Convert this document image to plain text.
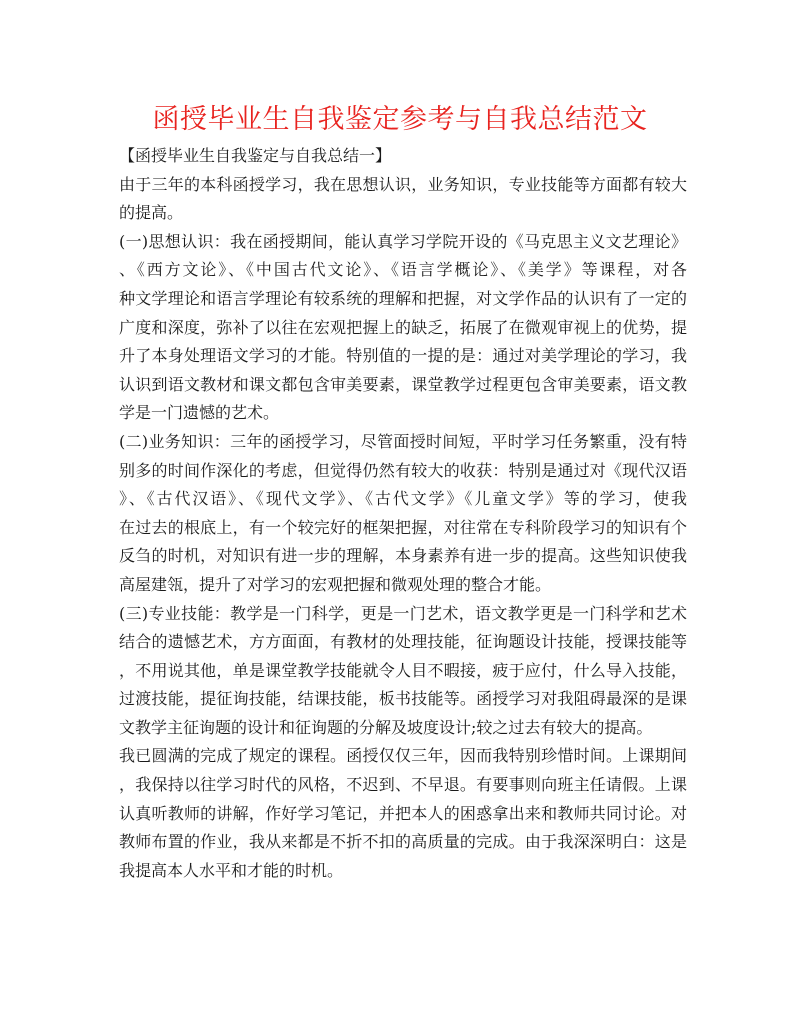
函授毕业生自我鉴定参考与自我总结范文
【函授毕业生自我鉴定与自我总结一】
由于三年的本科函授学习，我在思想认识，业务知识，专业技能等方面都有较大
的提高。
(一)思想认识：我在函授期间，能认真学习学院开设的《马克思主义文艺理论》
、《西方文论》、《中国古代文论》、《语言学概论》、《美学》等课程，对各
种文学理论和语言学理论有较系统的理解和把握，对文学作品的认识有了一定的
广度和深度，弥补了以往在宏观把握上的缺乏，拓展了在微观审视上的优势，提
升了本身处理语文学习的才能。特别值的一提的是：通过对美学理论的学习，我
认识到语文教材和课文都包含审美要素，课堂教学过程更包含审美要素，语文教
学是一门遗憾的艺术。
(二)业务知识：三年的函授学习，尽管面授时间短，平时学习任务繁重，没有特
别多的时间作深化的考虑，但觉得仍然有较大的收获：特别是通过对《现代汉语
》、《古代汉语》、《现代文学》、《古代文学》《儿童文学》等的学习，使我
在过去的根底上，有一个较完好的框架把握，对往常在专科阶段学习的知识有个
反刍的时机，对知识有进一步的理解，本身素养有进一步的提高。这些知识使我
高屋建瓴，提升了对学习的宏观把握和微观处理的整合才能。
(三)专业技能：教学是一门科学，更是一门艺术，语文教学更是一门科学和艺术
结合的遗憾艺术，方方面面，有教材的处理技能，征询题设计技能，授课技能等
，不用说其他，单是课堂教学技能就令人目不暇接，疲于应付，什么导入技能，
过渡技能，提征询技能，结课技能，板书技能等。函授学习对我阻碍最深的是课
文教学主征询题的设计和征询题的分解及坡度设计;较之过去有较大的提高。
我已圆满的完成了规定的课程。函授仅仅三年，因而我特别珍惜时间。上课期间
，我保持以往学习时代的风格，不迟到、不早退。有要事则向班主任请假。上课
认真听教师的讲解，作好学习笔记，并把本人的困惑拿出来和教师共同讨论。对
教师布置的作业，我从来都是不折不扣的高质量的完成。由于我深深明白：这是
我提高本人水平和才能的时机。
